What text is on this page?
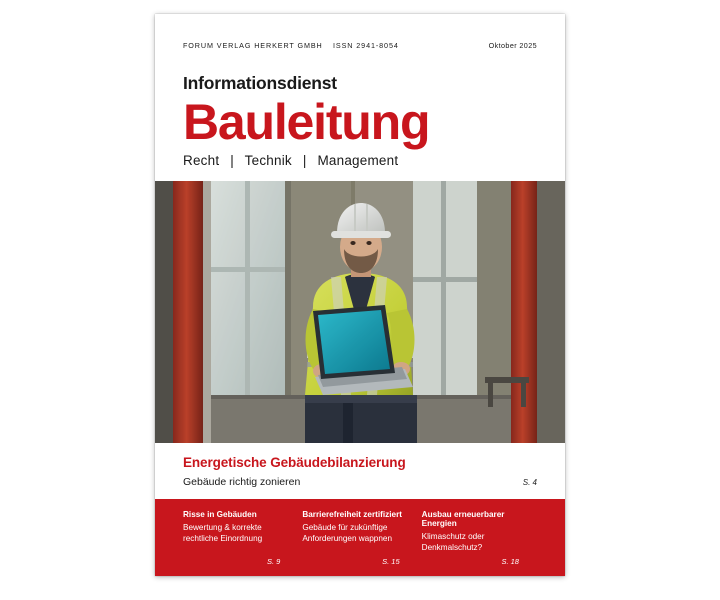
FORUM VERLAG HERKERT GMBH	ISSN 2941-8054	Oktober 2025
Informationsdienst
Bauleitung
Recht | Technik | Management
Energetische Gebäudebilanzierung
Gebäude richtig zonieren	S. 4
Risse in Gebäuden
Bewertung & korrekte
rechtliche Einordnung
S. 9
Barrierefreiheit zertifiziert
Gebäude für zukünftige
Anforderungen wappnen
S. 15
Ausbau erneuerbarer Energien
Klimaschutz oder
Denkmalschutz?
S. 18
